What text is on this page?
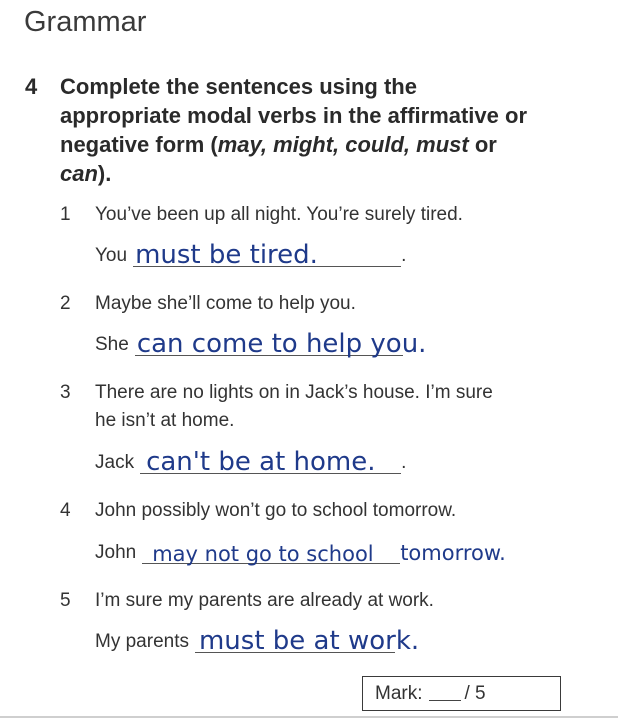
Grammar
4 Complete the sentences using the
appropriate modal verbs in the affirmative or
negative form (may, might, could, must or
can).
1 You’ve been up all night. You’re surely tired.
You must be tired.	.
2 Maybe she’ll come to help you.
She can come to help you.
3 There are no lights on in Jack’s house. I’m sure
he isn’t at home.
Jack can't be at home. .
4 John possibly won’t go to school tomorrow.
John may not go to school tomorrow.
5 I’m sure my parents are already at work.
My parents must be at work.
Mark: / 5
